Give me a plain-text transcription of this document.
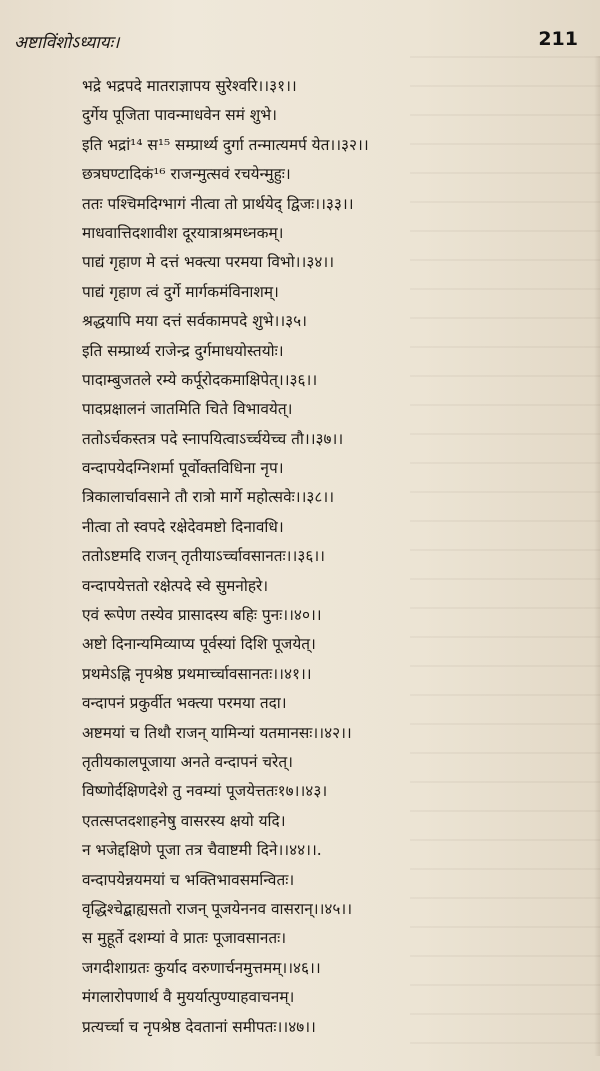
अष्टाविंशोऽध्यायः।	211
भद्रे भद्रपदे मातराज्ञापय सुरेश्वरि।।३१।।
दुर्गेय पूजिता पावन्माधवेन समं शुभे।
इति भद्रां¹⁴ स¹⁵ सम्प्रार्थ्य दुर्गा तन्मात्यमर्प येत।।३२।।
छत्रघण्टादिकं¹⁶ राजन्मुत्सवं रचयेन्मुहुः।
ततः पश्चिमदिग्भागं नीत्वा तो प्रार्थयेद् द्विजः।।३३।।
माधवात्तिदशावीश दूरयात्राश्रमध्नकम्।
पाद्यं गृहाण मे दत्तं भक्त्या परमया विभो।।३४।।
पाद्यं गृहाण त्वं दुर्गे मार्गकमंविनाशम्।
श्रद्धयापि मया दत्तं सर्वकामपदे शुभे।।३५।
इति सम्प्रार्थ्य राजेन्द्र दुर्गमाधयोस्तयोः।
पादाम्बुजतले रम्ये कर्पूरोदकमाक्षिपेत्।।३६।।
पादप्रक्षालनं जातमिति चिते विभावयेत्।
ततोऽर्चकस्तत्र पदे स्नापयित्वाऽर्च्चयेच्च तौ।।३७।।
वन्दापयेदग्निशर्मा पूर्वोक्तविधिना नृप।
त्रिकालार्चावसाने तौ रात्रो मार्गे महोत्सवेः।।३८।।
नीत्वा तो स्वपदे रक्षेदेवमष्टो दिनावधि।
ततोऽष्टमदि राजन् तृतीयाऽर्च्चावसानतः।।३६।।
वन्दापयेत्ततो रक्षेत्पदे स्वे सुमनोहरे।
एवं रूपेण तस्येव प्रासादस्य बहिः पुनः।।४०।।
अष्टो दिनान्यमिव्याप्य पूर्वस्यां दिशि पूजयेत्।
प्रथमेऽह्नि नृपश्रेष्ठ प्रथमार्च्चावसानतः।।४१।।
वन्दापनं प्रकुर्वीत भक्त्या परमया तदा।
अष्टमयां च तिथौ राजन् यामिन्यां यतमानसः।।४२।।
तृतीयकालपूजाया अनते वन्दापनं चरेत्।
विष्णोर्दक्षिणदेशे तु नवम्यां पूजयेत्ततः१७।।४३।
एतत्सप्तदशाहनेषु वासरस्य क्षयो यदि।
न भजेद्दक्षिणे पूजा तत्र चैवाष्टमी दिने।।४४।।.
वन्दापयेन्नयमयां च भक्तिभावसमन्वितः।
वृद्धिश्चेद्बाह्यसतो राजन् पूजयेननव वासरान्।।४५।।
स मुहूर्ते दशम्यां वे प्रातः पूजावसानतः।
जगदीशाग्रतः कुर्याद वरुणार्चनमुत्तमम्।।४६।।
मंगलारोपणार्थ वै मुयर्यात्पुण्याहवाचनम्।
प्रत्यर्च्चा च नृपश्रेष्ठ देवतानां समीपतः।।४७।।
